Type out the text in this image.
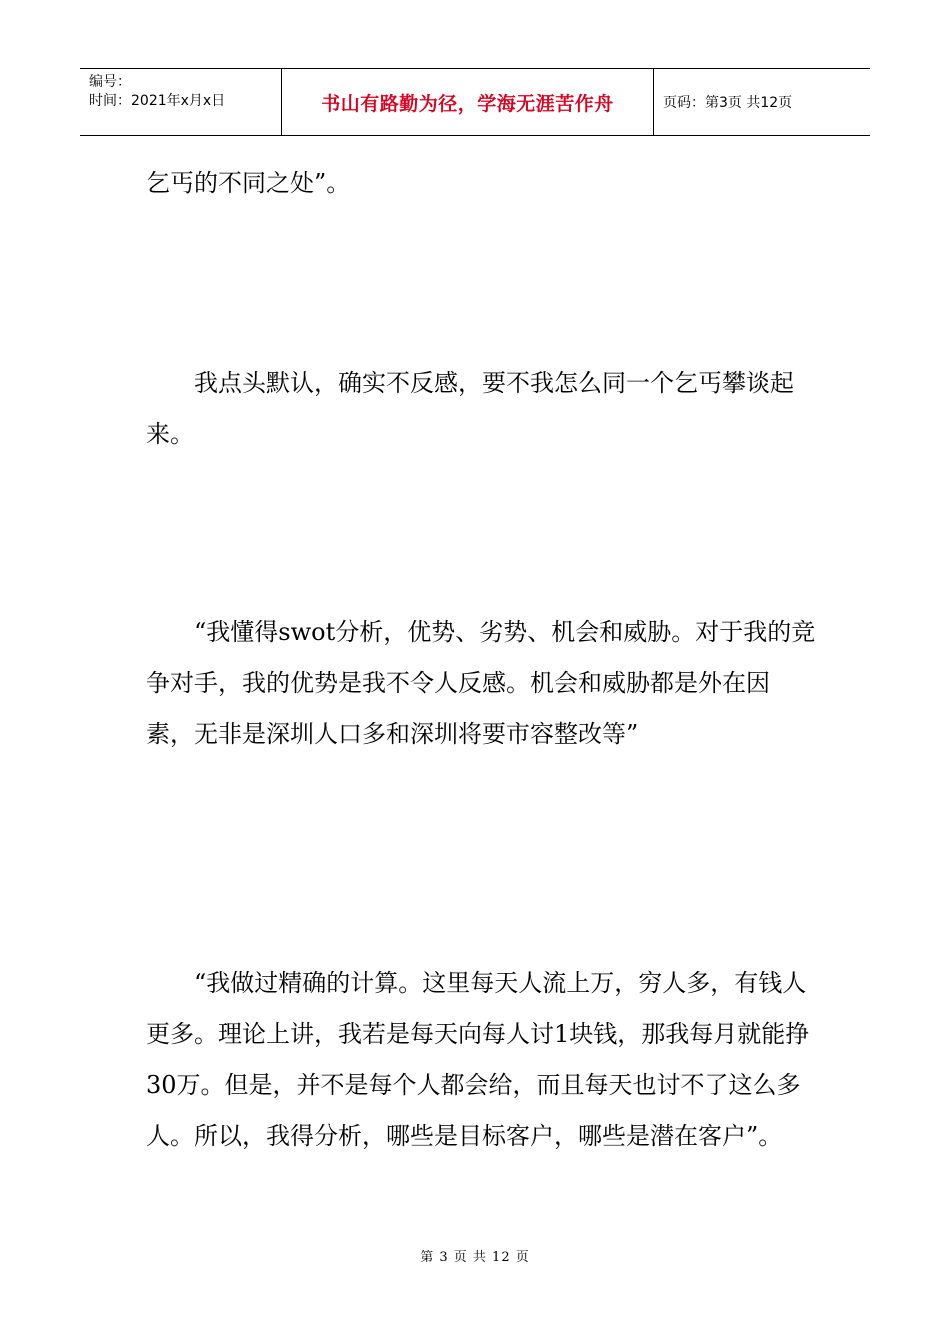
编号：
时间：2021年x月x日	书山有路勤为径，学海无涯苦作舟	页码：第3页 共12页

乞丐的不同之处”。

　　我点头默认，确实不反感，要不我怎么同一个乞丐攀谈起来。

　　“我懂得swot分析，优势、劣势、机会和威胁。对于我的竞争对手，我的优势是我不令人反感。机会和威胁都是外在因素，无非是深圳人口多和深圳将要市容整改等”

　　“我做过精确的计算。这里每天人流上万，穷人多，有钱人更多。理论上讲，我若是每天向每人讨1块钱，那我每月就能挣30万。但是，并不是每个人都会给，而且每天也讨不了这么多人。所以，我得分析，哪些是目标客户，哪些是潜在客户”。

第 3 页 共 12 页
